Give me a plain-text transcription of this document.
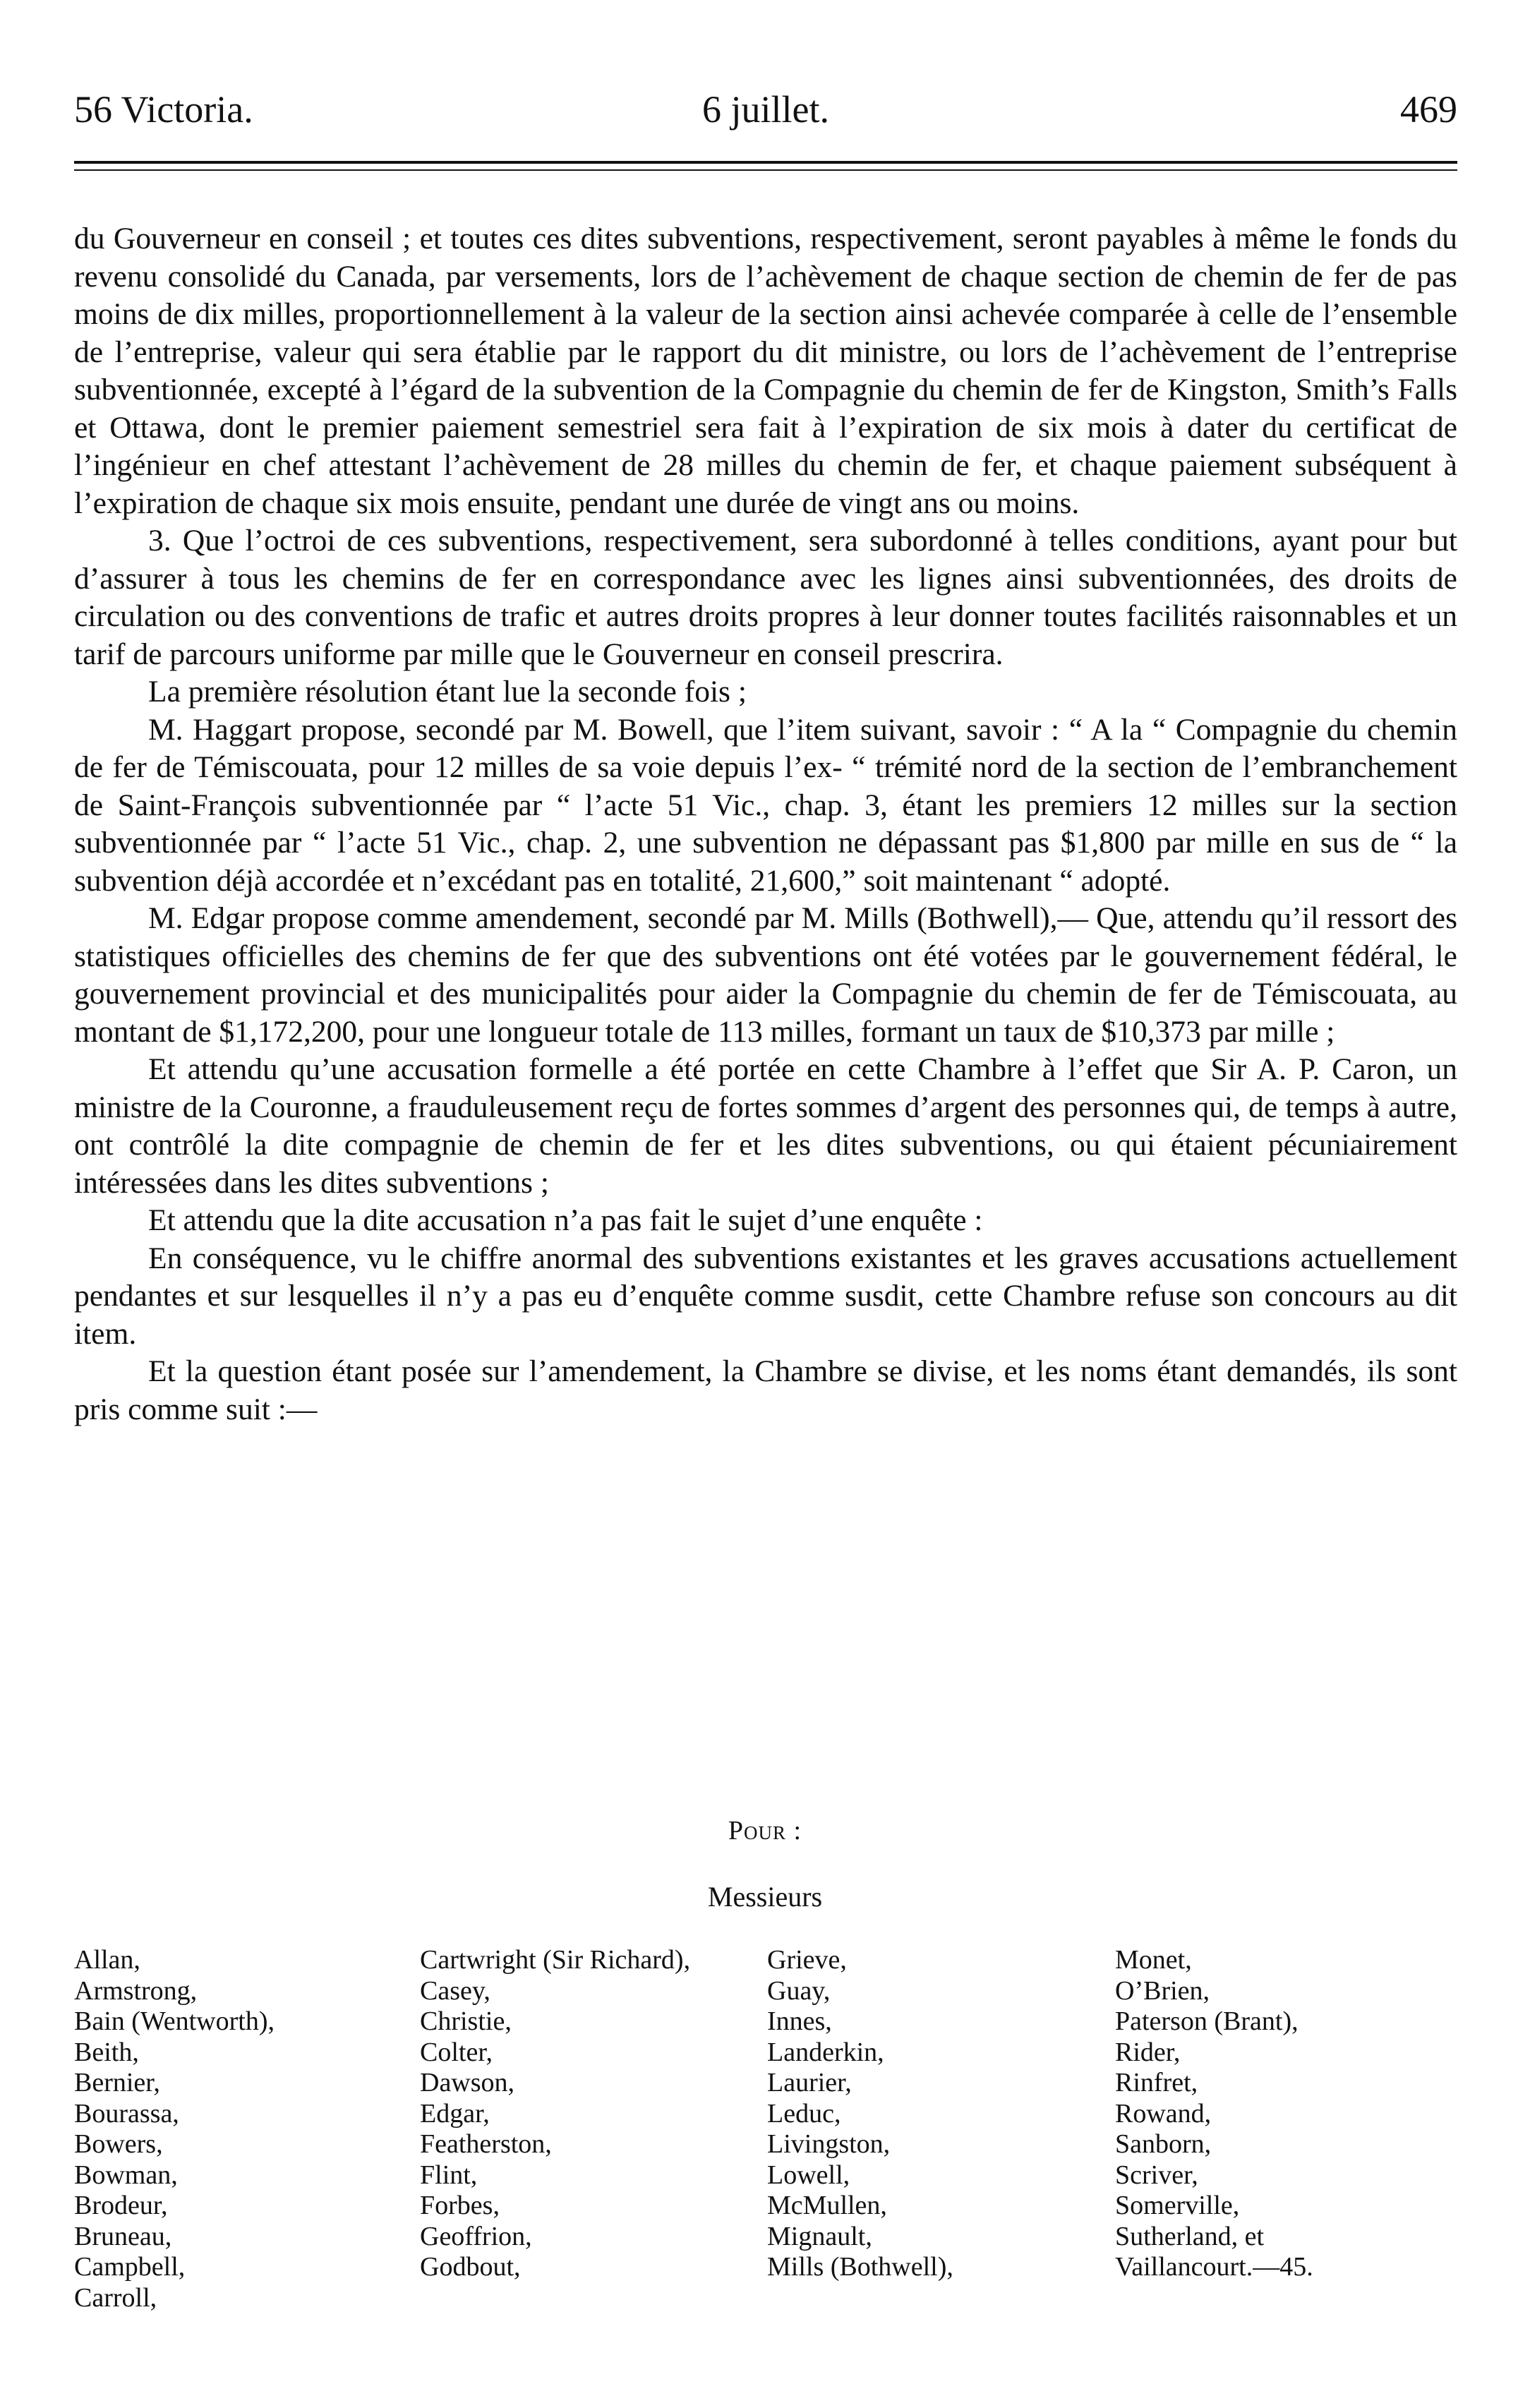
56 Victoria.	6 juillet.	469

du Gouverneur en conseil ; et toutes ces dites subventions, respectivement, seront payables à même le fonds du revenu consolidé du Canada, par versements, lors de l’achèvement de chaque section de chemin de fer de pas moins de dix milles, proportionnellement à la valeur de la section ainsi achevée comparée à celle de l’ensemble de l’entreprise, valeur qui sera établie par le rapport du dit ministre, ou lors de l’achèvement de l’entreprise subventionnée, excepté à l’égard de la subvention de la Compagnie du chemin de fer de Kingston, Smith’s Falls et Ottawa, dont le premier paiement semestriel sera fait à l’expiration de six mois à dater du certificat de l’ingénieur en chef attestant l’achèvement de 28 milles du chemin de fer, et chaque paiement subséquent à l’expiration de chaque six mois ensuite, pendant une durée de vingt ans ou moins.

3. Que l’octroi de ces subventions, respectivement, sera subordonné à telles conditions, ayant pour but d’assurer à tous les chemins de fer en correspondance avec les lignes ainsi subventionnées, des droits de circulation ou des conventions de trafic et autres droits propres à leur donner toutes facilités raisonnables et un tarif de parcours uniforme par mille que le Gouverneur en conseil prescrira.

La première résolution étant lue la seconde fois ;

M. Haggart propose, secondé par M. Bowell, que l’item suivant, savoir : “ A la “ Compagnie du chemin de fer de Témiscouata, pour 12 milles de sa voie depuis l’ex- “ trémité nord de la section de l’embranchement de Saint-François subventionnée par “ l’acte 51 Vic., chap. 3, étant les premiers 12 milles sur la section subventionnée par “ l’acte 51 Vic., chap. 2, une subvention ne dépassant pas $1,800 par mille en sus de “ la subvention déjà accordée et n’excédant pas en totalité, 21,600,” soit maintenant “ adopté.

M. Edgar propose comme amendement, secondé par M. Mills (Bothwell),— Que, attendu qu’il ressort des statistiques officielles des chemins de fer que des subventions ont été votées par le gouvernement fédéral, le gouvernement provincial et des municipalités pour aider la Compagnie du chemin de fer de Témiscouata, au montant de $1,172,200, pour une longueur totale de 113 milles, formant un taux de $10,373 par mille ;

Et attendu qu’une accusation formelle a été portée en cette Chambre à l’effet que Sir A. P. Caron, un ministre de la Couronne, a frauduleusement reçu de fortes sommes d’argent des personnes qui, de temps à autre, ont contrôlé la dite compagnie de chemin de fer et les dites subventions, ou qui étaient pécuniairement intéressées dans les dites subventions ;

Et attendu que la dite accusation n’a pas fait le sujet d’une enquête :

En conséquence, vu le chiffre anormal des subventions existantes et les graves accusations actuellement pendantes et sur lesquelles il n’y a pas eu d’enquête comme susdit, cette Chambre refuse son concours au dit item.

Et la question étant posée sur l’amendement, la Chambre se divise, et les noms étant demandés, ils sont pris comme suit :—

Pour :
Messieurs
Allan,
Armstrong,
Bain (Wentworth),
Beith,
Bernier,
Bourassa,
Bowers,
Bowman,
Brodeur,
Bruneau,
Campbell,
Carroll,
Cartwright (Sir Richard),
Casey,
Christie,
Colter,
Dawson,
Edgar,
Featherston,
Flint,
Forbes,
Geoffrion,
Godbout,
Grieve,
Guay,
Innes,
Landerkin,
Laurier,
Leduc,
Livingston,
Lowell,
McMullen,
Mignault,
Mills (Bothwell),
Monet,
O’Brien,
Paterson (Brant),
Rider,
Rinfret,
Rowand,
Sanborn,
Scriver,
Somerville,
Sutherland, et
Vaillancourt.—45.
